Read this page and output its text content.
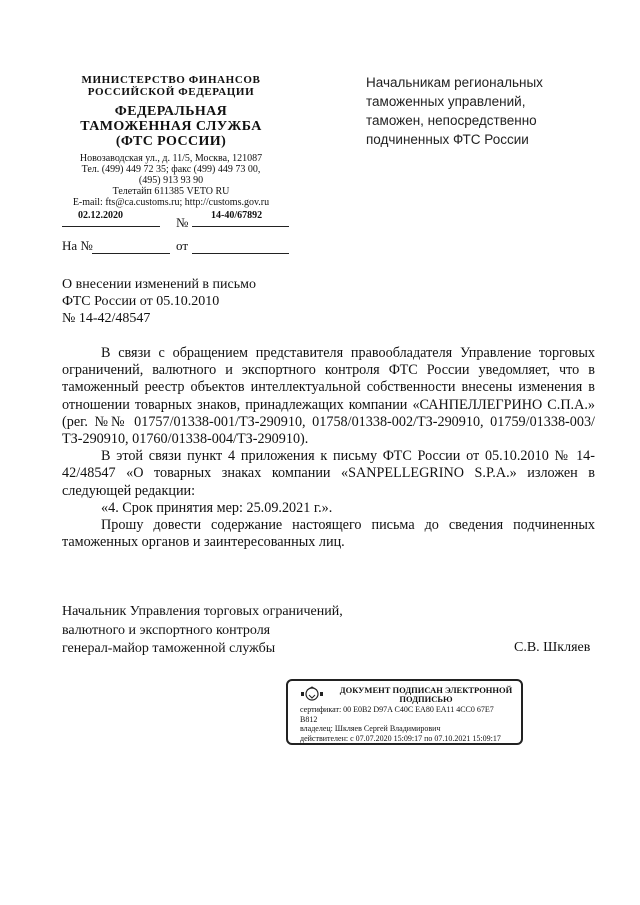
МИНИСТЕРСТВО ФИНАНСОВ
РОССИЙСКОЙ ФЕДЕРАЦИИ
ФЕДЕРАЛЬНАЯ
ТАМОЖЕННАЯ СЛУЖБА
(ФТС РОССИИ)
Новозаводская ул., д. 11/5, Москва, 121087
Тел. (499) 449 72 35; факс (499) 449 73 00,
(495) 913 93 90
Телетайп 611385 VETO RU
E-mail: fts@ca.customs.ru; http://customs.gov.ru
02.12.2020	№ 14-40/67892
На №	от
Начальникам региональных
таможенных управлений,
таможен, непосредственно
подчиненных ФТС России
О внесении изменений в письмо
ФТС России от 05.10.2010
№ 14-42/48547

В связи с обращением представителя правообладателя Управление торговых ограничений, валютного и экспортного контроля ФТС России уведомляет, что в таможенный реестр объектов интеллектуальной собственности внесены изменения в отношении товарных знаков, принадлежащих компании «САНПЕЛЛЕГРИНО С.П.А.» (рег. №№ 01757/01338-001/ТЗ-290910, 01758/01338-002/ТЗ-290910, 01759/01338-003/ТЗ-290910, 01760/01338-004/ТЗ-290910).

В этой связи пункт 4 приложения к письму ФТС России от 05.10.2010 № 14-42/48547 «О товарных знаках компании «SANPELLEGRINO S.P.A.» изложен в следующей редакции:

«4. Срок принятия мер: 25.09.2021 г.».

Прошу довести содержание настоящего письма до сведения подчиненных таможенных органов и заинтересованных лиц.

Начальник Управления торговых ограничений,
валютного и экспортного контроля
генерал-майор таможенной службы	С.В. Шкляев
ДОКУМЕНТ ПОДПИСАН ЭЛЕКТРОННОЙ
ПОДПИСЬЮ
сертификат: 00 E0B2 D97A C40C EA80 EA11 4CC0 67E7
B812
владелец: Шкляев Сергей Владимирович
действителен: с 07.07.2020 15:09:17 по 07.10.2021 15:09:17
